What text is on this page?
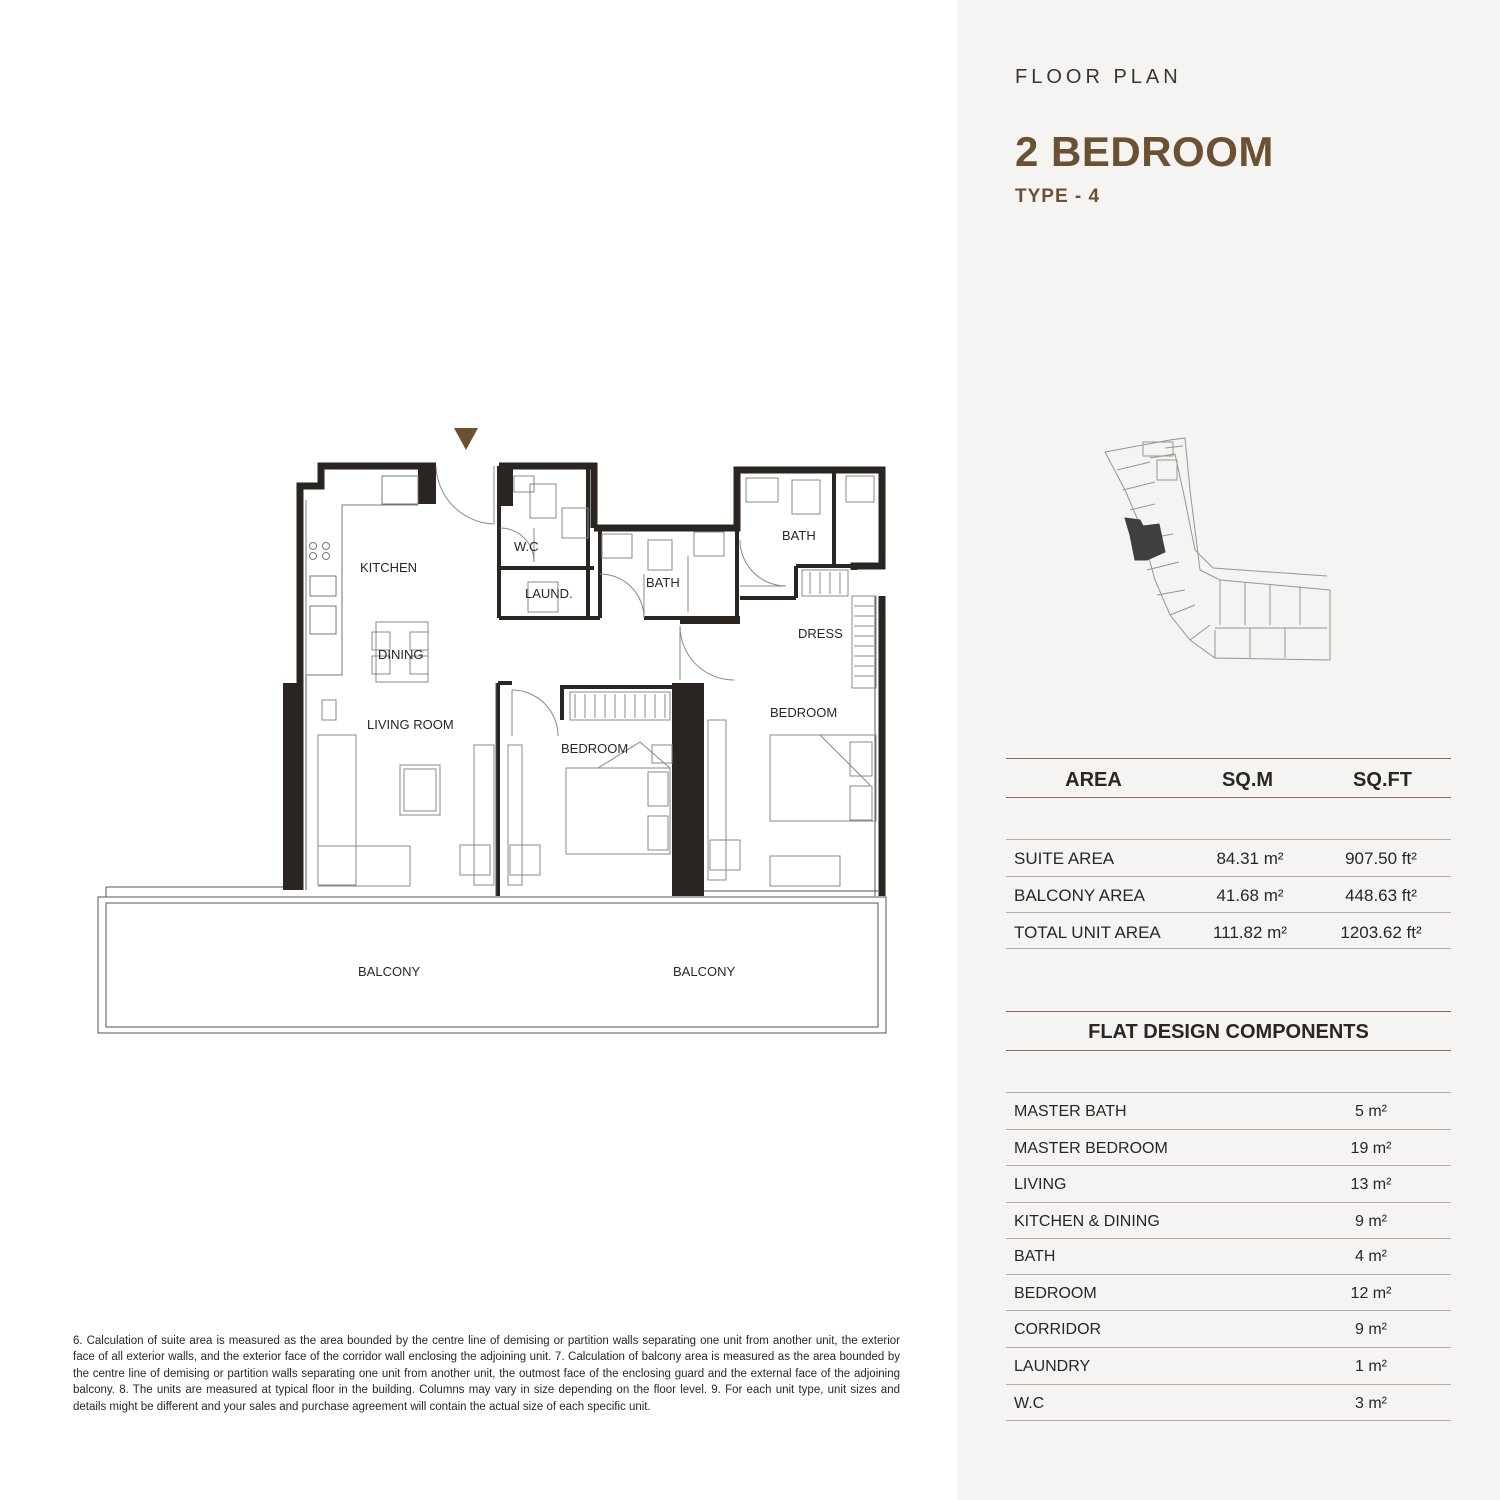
KITCHEN
DINING
LIVING ROOM
W.C
LAUND.
BATH
BATH
DRESS
BEDROOM
BEDROOM
BALCONY	BALCONY
FLOOR PLAN
2 BEDROOM
TYPE - 4
AREA	SQ.M	SQ.FT
SUITE AREA	84.31 m²	907.50 ft²
BALCONY AREA	41.68 m²	448.63 ft²
TOTAL UNIT AREA	111.82 m²	1203.62 ft²
FLAT DESIGN COMPONENTS
MASTER BATH	5 m²
MASTER BEDROOM	19 m²
LIVING	13 m²
KITCHEN & DINING	9 m²
BATH	4 m²
BEDROOM	12 m²
CORRIDOR	9 m²
LAUNDRY	1 m²
W.C	3 m²
6. Calculation of suite area is measured as the area bounded by the centre line of demising or partition walls separating one unit from another unit, the exterior face of all exterior walls, and the exterior face of the corridor wall enclosing the adjoining unit. 7. Calculation of balcony area is measured as the area bounded by the centre line of demising or partition walls separating one unit from another unit, the outmost face of the enclosing guard and the external face of the adjoining balcony. 8. The units are measured at typical floor in the building. Columns may vary in size depending on the floor level. 9. For each unit type, unit sizes and details might be different and your sales and purchase agreement will contain the actual size of each specific unit.
